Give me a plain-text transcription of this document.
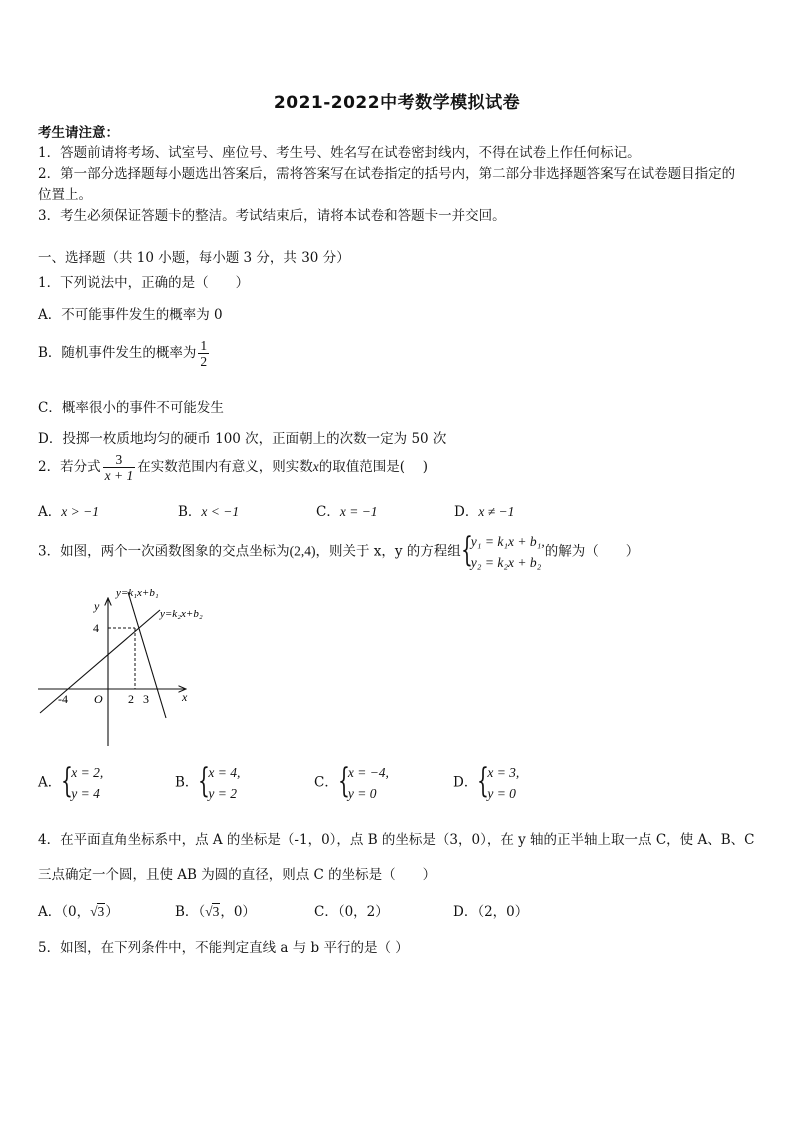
2021-2022中考数学模拟试卷
考生请注意：
1．答题前请将考场、试室号、座位号、考生号、姓名写在试卷密封线内，不得在试卷上作任何标记。
2．第一部分选择题每小题选出答案后，需将答案写在试卷指定的括号内，第二部分非选择题答案写在试卷题目指定的
位置上。
3．考生必须保证答题卡的整洁。考试结束后，请将本试卷和答题卡一并交回。
一、选择题（共 10 小题，每小题 3 分，共 30 分）
1．下列说法中，正确的是（　　）
A．不可能事件发生的概率为 0
B．随机事件发生的概率为 $\frac{1}{2}$
C．概率很小的事件不可能发生
D．投掷一枚质地均匀的硬币 100 次，正面朝上的次数一定为 50 次
2．若分式 $\frac{3}{x + 1}$ 在实数范围内有意义，则实数x的取值范围是(　 )
A．x > −1	B．x < −1	C．x = −1	D．x ≠ −1
3．如图，两个一次函数图象的交点坐标为(2,4)，则关于 x，y 的方程组 {
y₁ = k₁x + b₁,
y₂ = k₂x + b₂
的解为（　　）
y=k₁x+b₁
y=k₂x+b₂
y
x
O
-4	2 3
4
A． {
x = 2,
y = 4
B． {
x = 4,
y = 2
C． {
x = −4,
y = 0
D． {
x = 3,
y = 0
4．在平面直角坐标系中，点 A 的坐标是（-1，0），点 B 的坐标是（3，0），在 y 轴的正半轴上取一点 C，使 A、B、C
三点确定一个圆，且使 AB 为圆的直径，则点 C 的坐标是（　　）
A．（0，√3）	B．（√3，0）	C．（0，2）	D．（2，0）
5．如图，在下列条件中，不能判定直线 a 与 b 平行的是（ ）
